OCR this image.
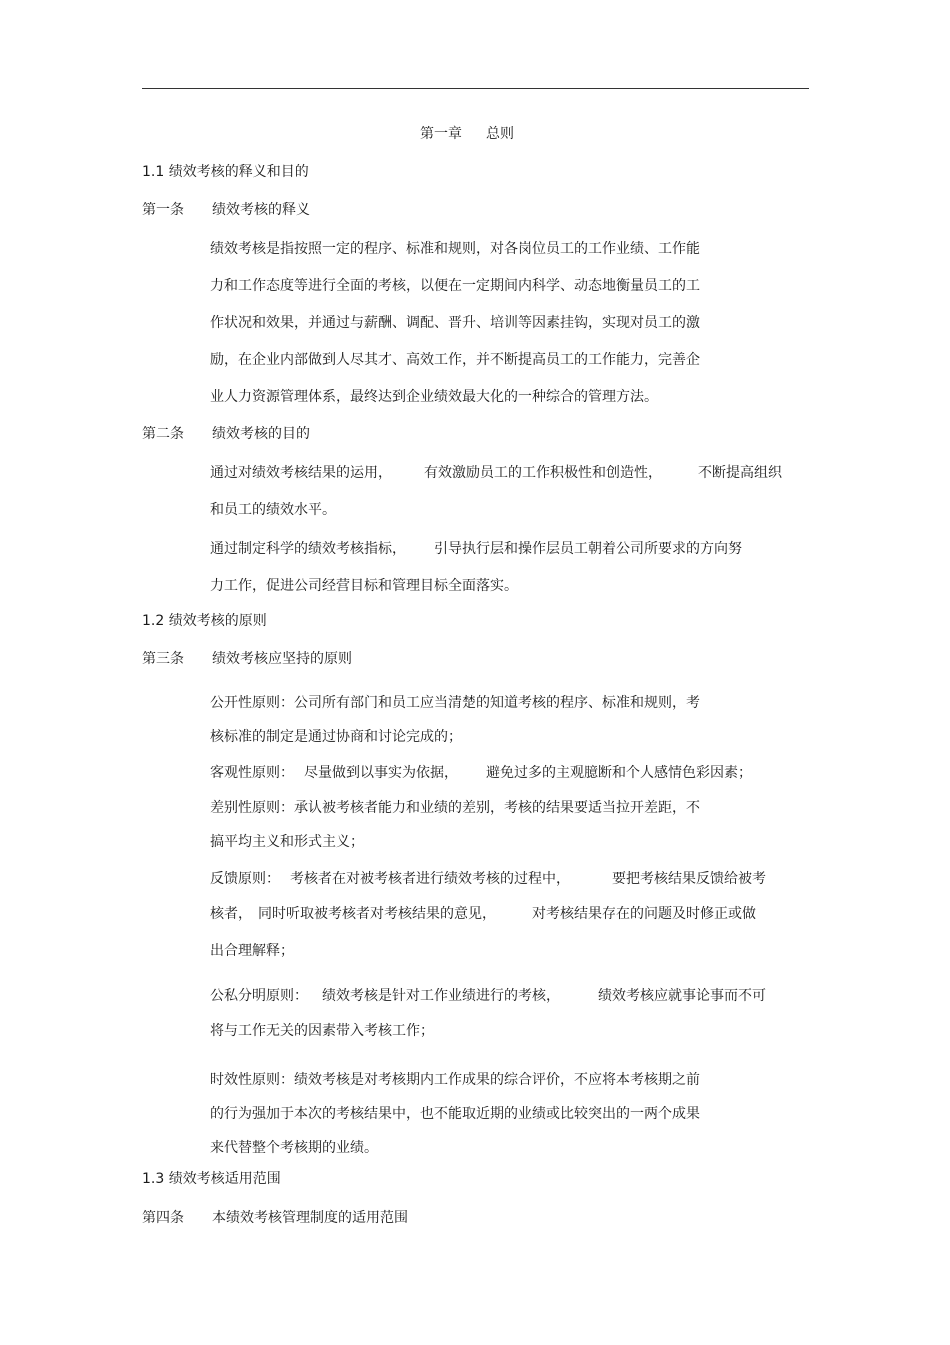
第一章 总则
1.1 绩效考核的释义和目的
第一条 绩效考核的释义
绩效考核是指按照一定的程序、标准和规则，对各岗位员工的工作业绩、工作能
力和工作态度等进行全面的考核，以便在一定期间内科学、动态地衡量员工的工
作状况和效果，并通过与薪酬、调配、晋升、培训等因素挂钩，实现对员工的激
励，在企业内部做到人尽其才、高效工作，并不断提高员工的工作能力，完善企
业人力资源管理体系，最终达到企业绩效最大化的一种综合的管理方法。
第二条 绩效考核的目的
通过对绩效考核结果的运用， 有效激励员工的工作积极性和创造性，	不断提高组织
和员工的绩效水平。
通过制定科学的绩效考核指标， 引导执行层和操作层员工朝着公司所要求的方向努
力工作，促进公司经营目标和管理目标全面落实。
1.2 绩效考核的原则
第三条 绩效考核应坚持的原则
公开性原则：公司所有部门和员工应当清楚的知道考核的程序、标准和规则，考
核标准的制定是通过协商和讨论完成的；
客观性原则： 尽量做到以事实为依据， 避免过多的主观臆断和个人感情色彩因素；
差别性原则：承认被考核者能力和业绩的差别，考核的结果要适当拉开差距，不
搞平均主义和形式主义；
反馈原则： 考核者在对被考核者进行绩效考核的过程中，	要把考核结果反馈给被考
核者， 同时听取被考核者对考核结果的意见，	对考核结果存在的问题及时修正或做
出合理解释；
公私分明原则： 绩效考核是针对工作业绩进行的考核，	绩效考核应就事论事而不可
将与工作无关的因素带入考核工作；
时效性原则：绩效考核是对考核期内工作成果的综合评价，不应将本考核期之前
的行为强加于本次的考核结果中，也不能取近期的业绩或比较突出的一两个成果
来代替整个考核期的业绩。
1.3 绩效考核适用范围
第四条 本绩效考核管理制度的适用范围
